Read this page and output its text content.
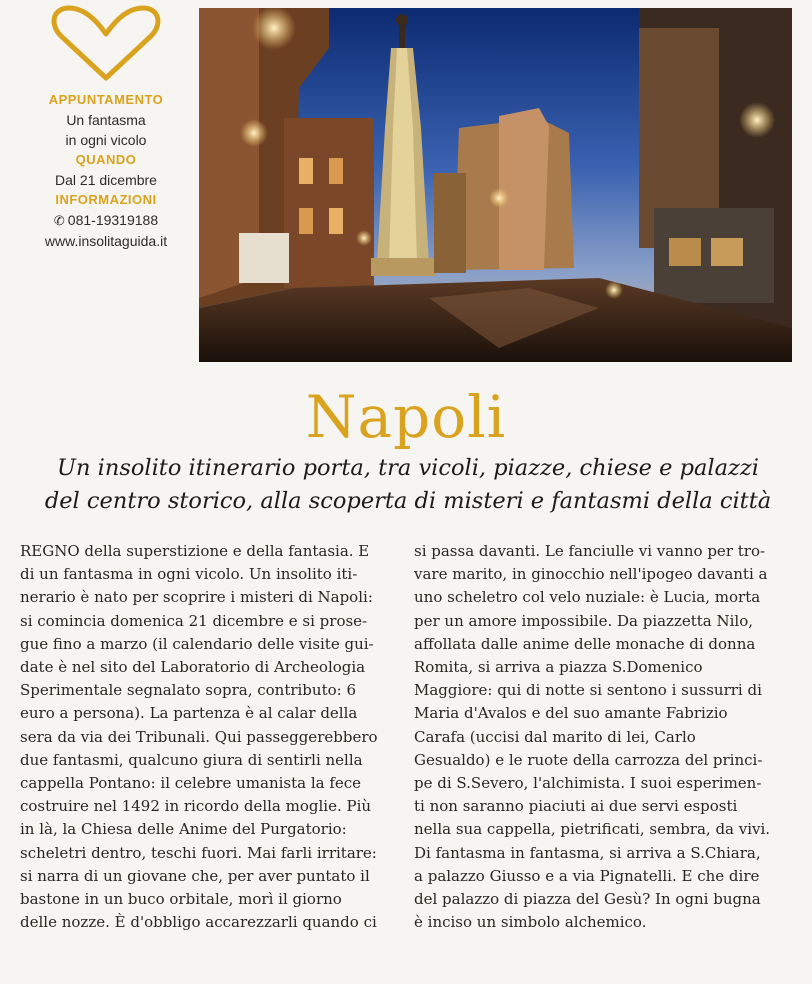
APPUNTAMENTO
Un fantasma
in ogni vicolo
QUANDO
Dal 21 dicembre
INFORMAZIONI
✆ 081-19319188
www.insolitaguida.it
Napoli
Un insolito itinerario porta, tra vicoli, piazze, chiese e palazzi
del centro storico, alla scoperta di misteri e fantasmi della città
REGNO della superstizione e della fantasia. E
di un fantasma in ogni vicolo. Un insolito iti-
nerario è nato per scoprire i misteri di Napoli:
si comincia domenica 21 dicembre e si prose-
gue fino a marzo (il calendario delle visite gui-
date è nel sito del Laboratorio di Archeologia
Sperimentale segnalato sopra, contributo: 6
euro a persona). La partenza è al calar della
sera da via dei Tribunali. Qui passeggerebbero
due fantasmi, qualcuno giura di sentirli nella
cappella Pontano: il celebre umanista la fece
costruire nel 1492 in ricordo della moglie. Più
in là, la Chiesa delle Anime del Purgatorio:
scheletri dentro, teschi fuori. Mai farli irritare:
si narra di un giovane che, per aver puntato il
bastone in un buco orbitale, morì il giorno
delle nozze. È d'obbligo accarezzarli quando ci
si passa davanti. Le fanciulle vi vanno per tro-
vare marito, in ginocchio nell'ipogeo davanti a
uno scheletro col velo nuziale: è Lucia, morta
per un amore impossibile. Da piazzetta Nilo,
affollata dalle anime delle monache di donna
Romita, si arriva a piazza S.Domenico
Maggiore: qui di notte si sentono i sussurri di
Maria d'Avalos e del suo amante Fabrizio
Carafa (uccisi dal marito di lei, Carlo
Gesualdo) e le ruote della carrozza del princi-
pe di S.Severo, l'alchimista. I suoi esperimen-
ti non saranno piaciuti ai due servi esposti
nella sua cappella, pietrificati, sembra, da vivi.
Di fantasma in fantasma, si arriva a S.Chiara,
a palazzo Giusso e a via Pignatelli. E che dire
del palazzo di piazza del Gesù? In ogni bugna
è inciso un simbolo alchemico.
